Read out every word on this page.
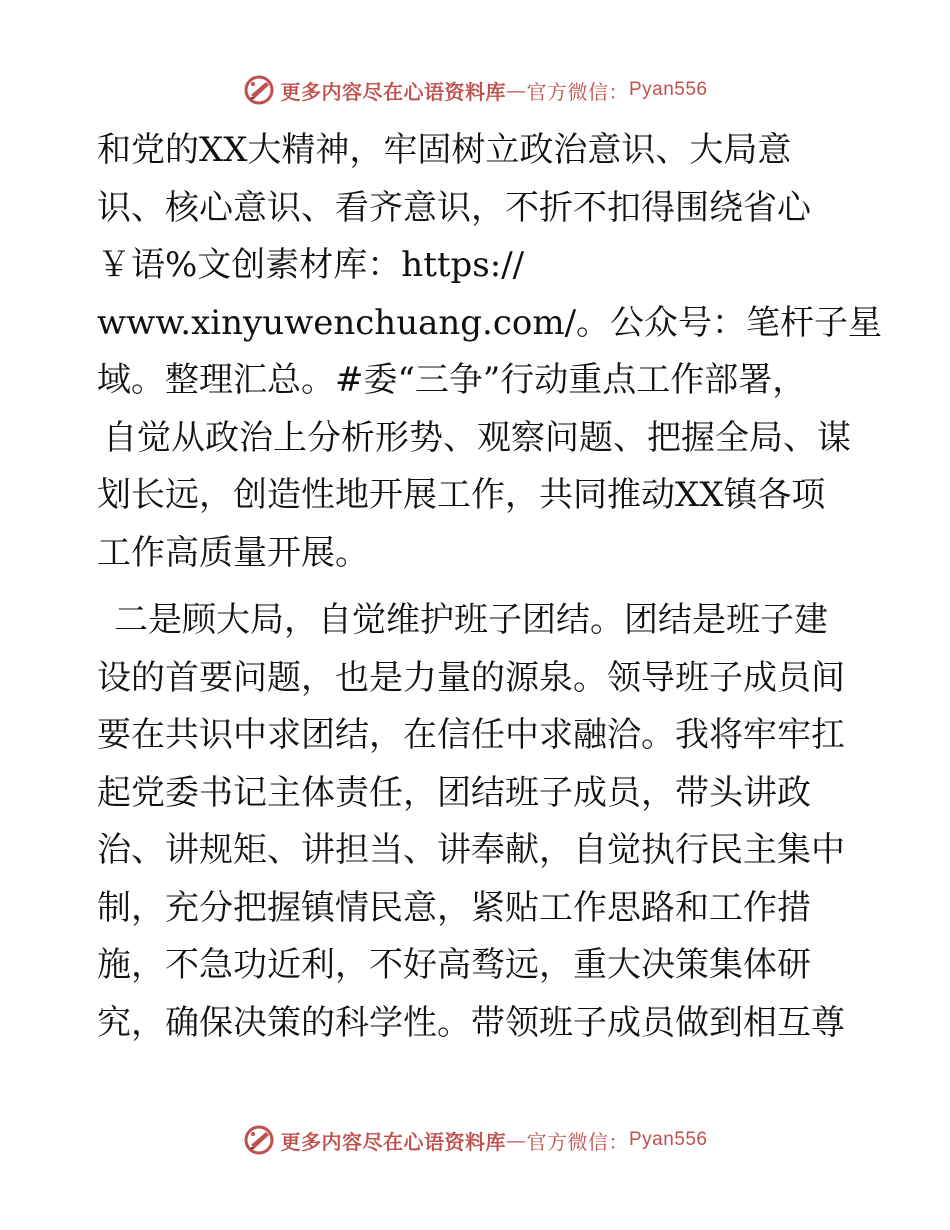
更多内容尽在心语资料库 — 官方微信： Pyan556
和党的XX大精神，牢固树立政治意识、大局意
识、核心意识、看齐意识，不折不扣得围绕省心
￥语%文创素材库：https://
www.xinyuwenchuang.com/。公众号：笔杆子星
域。整理汇总。#委“三争”行动重点工作部署，
自觉从政治上分析形势、观察问题、把握全局、谋
划长远，创造性地开展工作，共同推动XX镇各项
工作高质量开展。
二是顾大局，自觉维护班子团结。团结是班子建
设的首要问题，也是力量的源泉。领导班子成员间
要在共识中求团结，在信任中求融洽。我将牢牢扛
起党委书记主体责任，团结班子成员，带头讲政
治、讲规矩、讲担当、讲奉献，自觉执行民主集中
制，充分把握镇情民意，紧贴工作思路和工作措
施，不急功近利，不好高骛远，重大决策集体研
究，确保决策的科学性。带领班子成员做到相互尊
更多内容尽在心语资料库 — 官方微信： Pyan556
